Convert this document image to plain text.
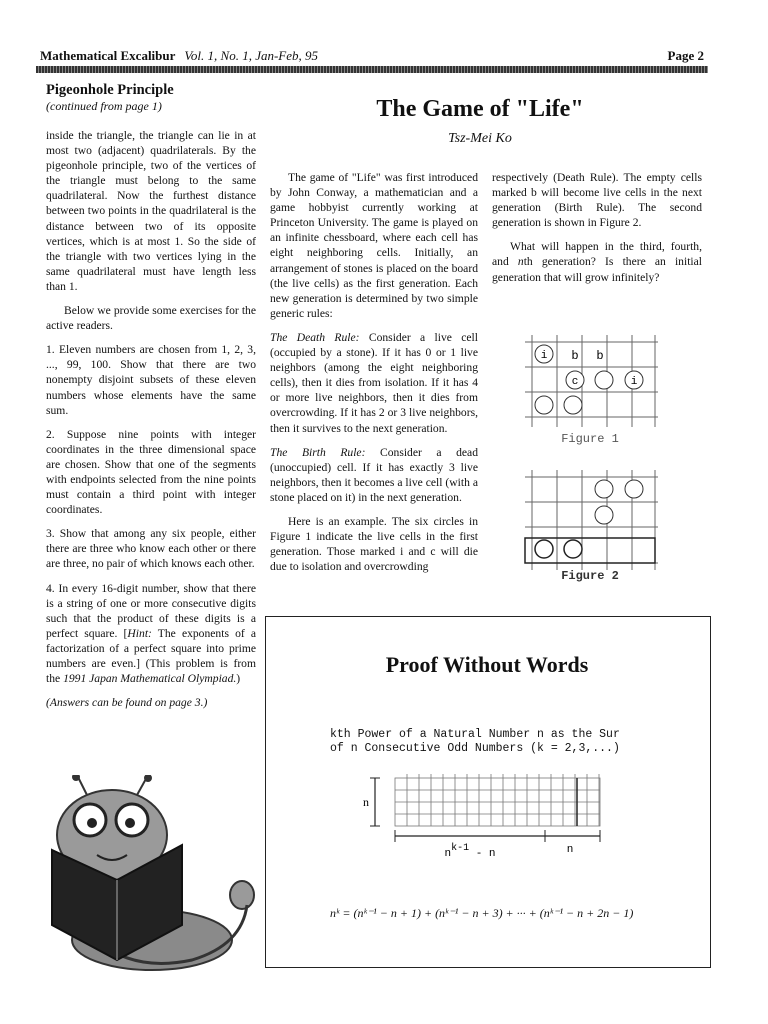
Mathematical Excalibur Vol. 1, No. 1, Jan-Feb, 95	Page 2
Pigeonhole Principle
(continued from page 1)

inside the triangle, the triangle can lie in at most two (adjacent) quadrilaterals. By the pigeonhole principle, two of the vertices of the triangle must belong to the same quadrilateral. Now the furthest distance between two points in the quadrilateral is the distance between two of its opposite vertices, which is at most 1. So the side of the triangle with two vertices lying in the same quadrilateral must have length less than 1.

Below we provide some exercises for the active readers.

1. Eleven numbers are chosen from 1, 2, 3, ..., 99, 100. Show that there are two nonempty disjoint subsets of these eleven numbers whose elements have the same sum.

2. Suppose nine points with integer coordinates in the three dimensional space are chosen. Show that one of the segments with endpoints selected from the nine points must contain a third point with integer coordinates.

3. Show that among any six people, either there are three who know each other or there are three, no pair of which knows each other.

4. In every 16-digit number, show that there is a string of one or more consecutive digits such that the product of these digits is a perfect square. [Hint: The exponents of a factorization of a perfect square into prime numbers are even.] (This problem is from the 1991 Japan Mathematical Olympiad.)

(Answers can be found on page 3.)

The Game of "Life"
Tsz-Mei Ko

The game of "Life" was first introduced by John Conway, a mathematician and a game hobbyist currently working at Princeton University. The game is played on an infinite chessboard, where each cell has eight neighboring cells. Initially, an arrangement of stones is placed on the board (the live cells) as the first generation. Each new generation is determined by two simple generic rules:

The Death Rule: Consider a live cell (occupied by a stone). If it has 0 or 1 live neighbors (among the eight neighboring cells), then it dies from isolation. If it has 4 or more live neighbors, then it dies from overcrowding. If it has 2 or 3 live neighbors, then it survives to the next generation.

The Birth Rule: Consider a dead (unoccupied) cell. If it has exactly 3 live neighbors, then it becomes a live cell (with a stone placed on it) in the next generation.

Here is an example. The six circles in Figure 1 indicate the live cells in the first generation. Those marked i and c will die due to isolation and overcrowding

respectively (Death Rule). The empty cells marked b will become live cells in the next generation (Birth Rule). The second generation is shown in Figure 2.

What will happen in the third, fourth, and nth generation? Is there an initial generation that will grow infinitely?

i b b
c	i
Figure 1
Figure 2
Proof Without Words
kth Power of a Natural Number n as the Sur
of n Consecutive Odd Numbers (k = 2,3,...)
n
nk-1 - n	n
nᵏ = (nᵏ⁻¹ − n + 1) + (nᵏ⁻¹ − n + 3) + ··· + (nᵏ⁻¹ − n + 2n − 1)
